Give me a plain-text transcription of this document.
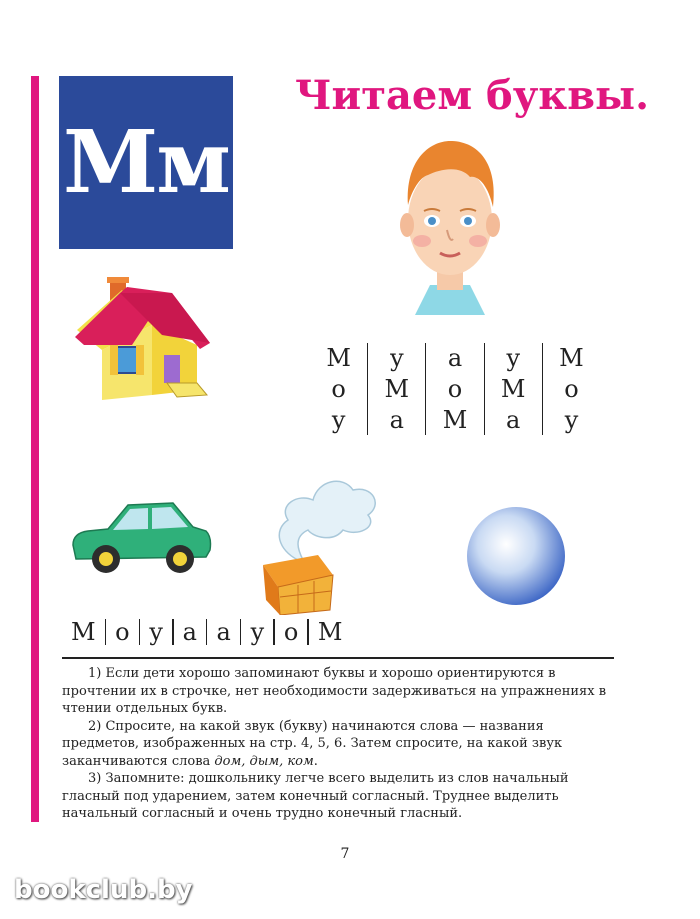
Мм
Читаем буквы.
М
о
у
у
М
а
а
о
М
у
М
а
М
о
у
М о у а а у о М

1) Если дети хорошо запоминают буквы и хорошо ориентируются в прочтении их в строчке, нет необходимости задерживаться на упражнениях в чтении отдельных букв.

2) Спросите, на какой звук (букву) начинаются слова — названия предметов, изображенных на стр. 4, 5, 6. Затем спросите, на какой звук заканчиваются слова дом, дым, ком.

3) Запомните: дошкольнику легче всего выделить из слов начальный гласный под ударением, затем конечный согласный. Труднее выделить начальный согласный и очень трудно конечный гласный.

7
bookclub.by
